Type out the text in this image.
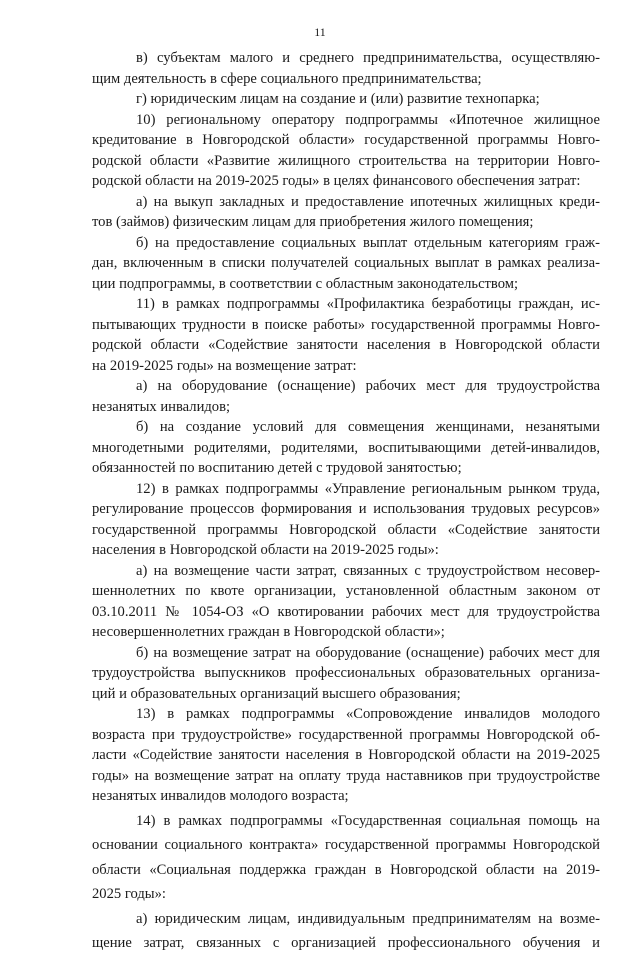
11
в) субъектам малого и среднего предпринимательства, осуществляю-
щим деятельность в сфере социального предпринимательства;
г) юридическим лицам на создание и (или) развитие технопарка;
10) региональному оператору подпрограммы «Ипотечное жилищное
кредитование в Новгородской области» государственной программы Новго-
родской области «Развитие жилищного строительства на территории Новго-
родской области на 2019-2025 годы» в целях финансового обеспечения затрат:
а) на выкуп закладных и предоставление ипотечных жилищных креди-
тов (займов) физическим лицам для приобретения жилого помещения;
б) на предоставление социальных выплат отдельным категориям граж-
дан, включенным в списки получателей социальных выплат в рамках реализа-
ции подпрограммы, в соответствии с областным законодательством;
11) в рамках подпрограммы «Профилактика безработицы граждан, ис-
пытывающих трудности в поиске работы» государственной программы Новго-
родской области «Содействие занятости населения в Новгородской области
на 2019-2025 годы» на возмещение затрат:
а) на оборудование (оснащение) рабочих мест для трудоустройства
незанятых инвалидов;
б) на создание условий для совмещения женщинами, незанятыми
многодетными родителями, родителями, воспитывающими детей-инвалидов,
обязанностей по воспитанию детей с трудовой занятостью;
12) в рамках подпрограммы «Управление региональным рынком труда,
регулирование процессов формирования и использования трудовых ресурсов»
государственной программы Новгородской области «Содействие занятости
населения в Новгородской области на 2019-2025 годы»:
а) на возмещение части затрат, связанных с трудоустройством несовер-
шеннолетних по квоте организации, установленной областным законом от
03.10.2011 № 1054-ОЗ «О квотировании рабочих мест для трудоустройства
несовершеннолетних граждан в Новгородской области»;
б) на возмещение затрат на оборудование (оснащение) рабочих мест для
трудоустройства выпускников профессиональных образовательных организа-
ций и образовательных организаций высшего образования;
13) в рамках подпрограммы «Сопровождение инвалидов молодого
возраста при трудоустройстве» государственной программы Новгородской об-
ласти «Содействие занятости населения в Новгородской области на 2019-2025
годы» на возмещение затрат на оплату труда наставников при трудоустройстве
незанятых инвалидов молодого возраста;
14) в рамках подпрограммы «Государственная социальная помощь на
основании социального контракта» государственной программы Новгородской
области «Социальная поддержка граждан в Новгородской области на 2019-
2025 годы»:
а) юридическим лицам, индивидуальным предпринимателям на возме-
щение затрат, связанных с организацией профессионального обучения и
